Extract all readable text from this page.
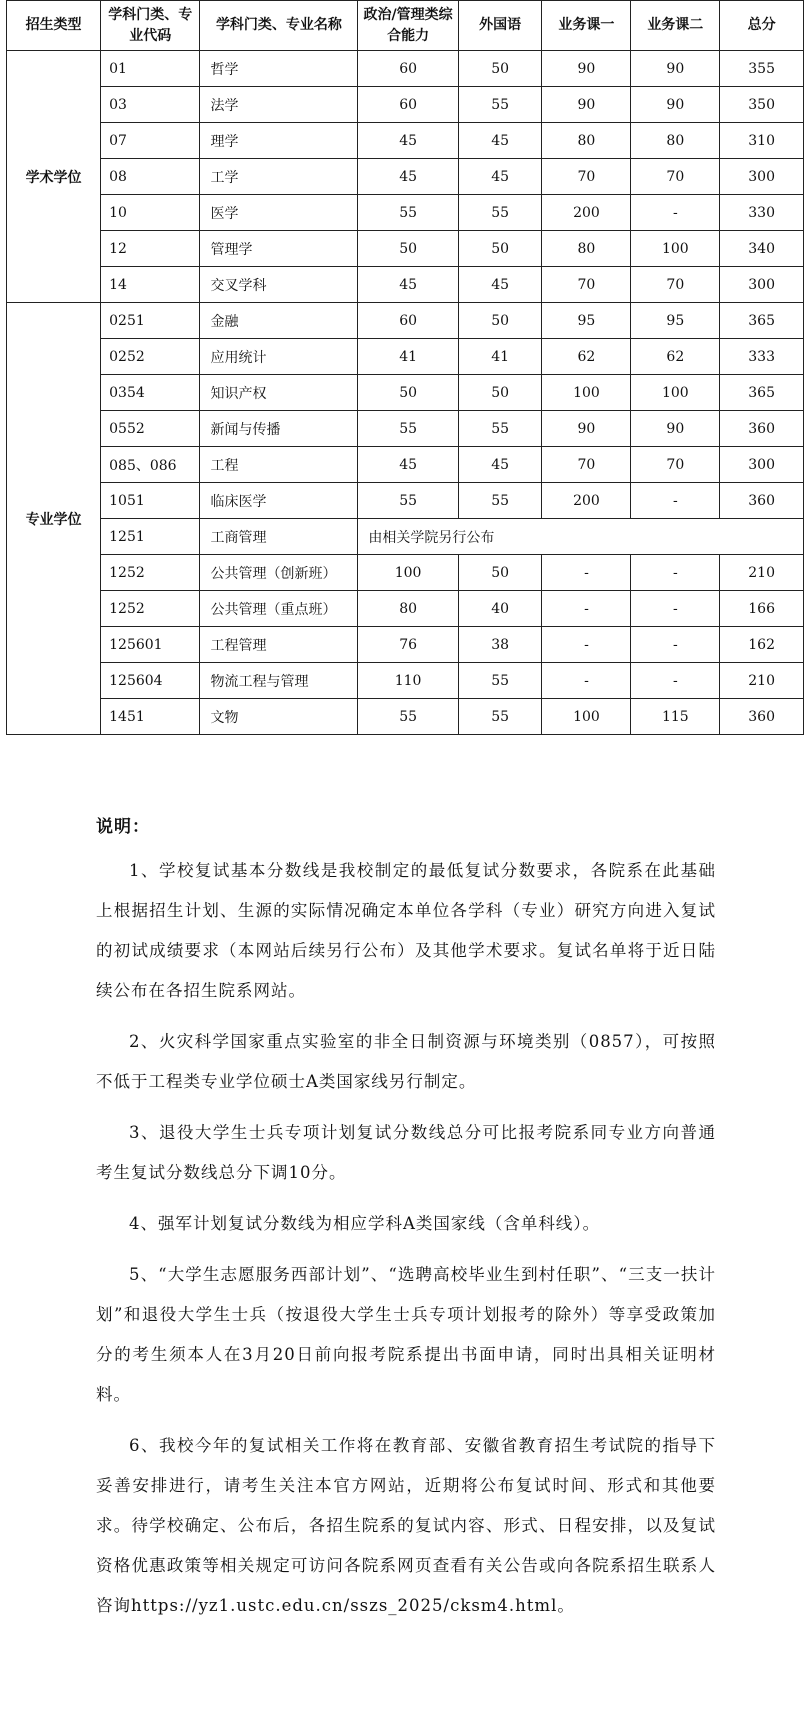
招生类型	学科门类、专业代码	学科门类、专业名称	政治/管理类综合能力	外国语	业务课一	业务课二	总分
学术学位	01	哲学	60	50	90	90	355
	03	法学	60	55	90	90	350
	07	理学	45	45	80	80	310
	08	工学	45	45	70	70	300
	10	医学	55	55	200	-	330
	12	管理学	50	50	80	100	340
	14	交叉学科	45	45	70	70	300
专业学位	0251	金融	60	50	95	95	365
	0252	应用统计	41	41	62	62	333
	0354	知识产权	50	50	100	100	365
	0552	新闻与传播	55	55	90	90	360
	085、086	工程	45	45	70	70	300
	1051	临床医学	55	55	200	-	360
	1251	工商管理	由相关学院另行公布				
	1252	公共管理（创新班）	100	50	-	-	210
	1252	公共管理（重点班）	80	40	-	-	166
	125601	工程管理	76	38	-	-	162
	125604	物流工程与管理	110	55	-	-	210
	1451	文物	55	55	100	115	360
说明：

1、学校复试基本分数线是我校制定的最低复试分数要求，各院系在此基础上根据招生计划、生源的实际情况确定本单位各学科（专业）研究方向进入复试的初试成绩要求（本网站后续另行公布）及其他学术要求。复试名单将于近日陆续公布在各招生院系网站。

2、火灾科学国家重点实验室的非全日制资源与环境类别（0857），可按照不低于工程类专业学位硕士A类国家线另行制定。

3、退役大学生士兵专项计划复试分数线总分可比报考院系同专业方向普通考生复试分数线总分下调10分。

4、强军计划复试分数线为相应学科A类国家线（含单科线）。

5、“大学生志愿服务西部计划”、“选聘高校毕业生到村任职”、“三支一扶计划”和退役大学生士兵（按退役大学生士兵专项计划报考的除外）等享受政策加分的考生须本人在3月20日前向报考院系提出书面申请，同时出具相关证明材料。

6、我校今年的复试相关工作将在教育部、安徽省教育招生考试院的指导下妥善安排进行，请考生关注本官方网站，近期将公布复试时间、形式和其他要求。待学校确定、公布后，各招生院系的复试内容、形式、日程安排，以及复试资格优惠政策等相关规定可访问各院系网页查看有关公告或向各院系招生联系人咨询https://yz1.ustc.edu.cn/sszs_2025/cksm4.html。
